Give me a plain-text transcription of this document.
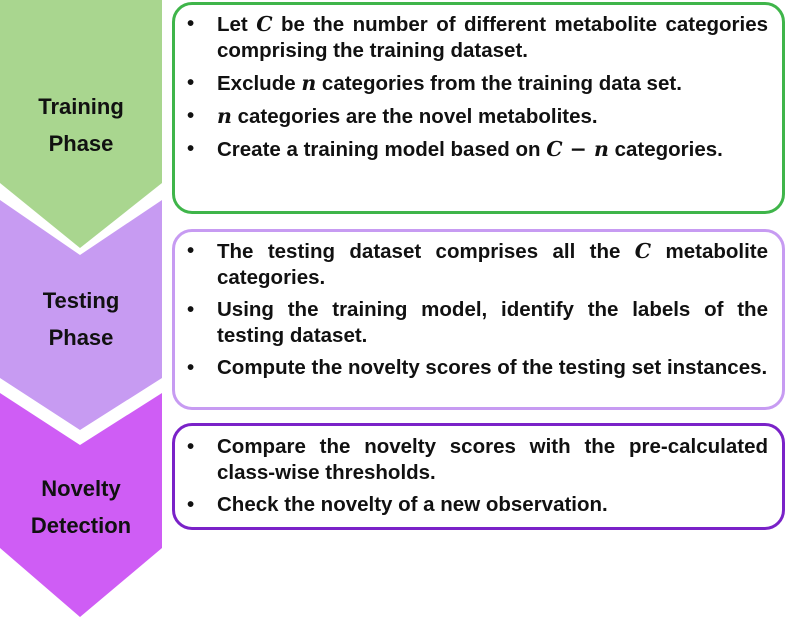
Training
Phase
Testing
Phase
Novelty
Detection
• Let C be the number of different metabolite categories comprising the training dataset.
• Exclude n categories from the training data set.
• n categories are the novel metabolites.
• Create a training model based on C − n categories.
• The testing dataset comprises all the C metabolite categories.
• Using the training model, identify the labels of the testing dataset.
• Compute the novelty scores of the testing set instances.
• Compare the novelty scores with the pre-calculated class-wise thresholds.
• Check the novelty of a new observation.
